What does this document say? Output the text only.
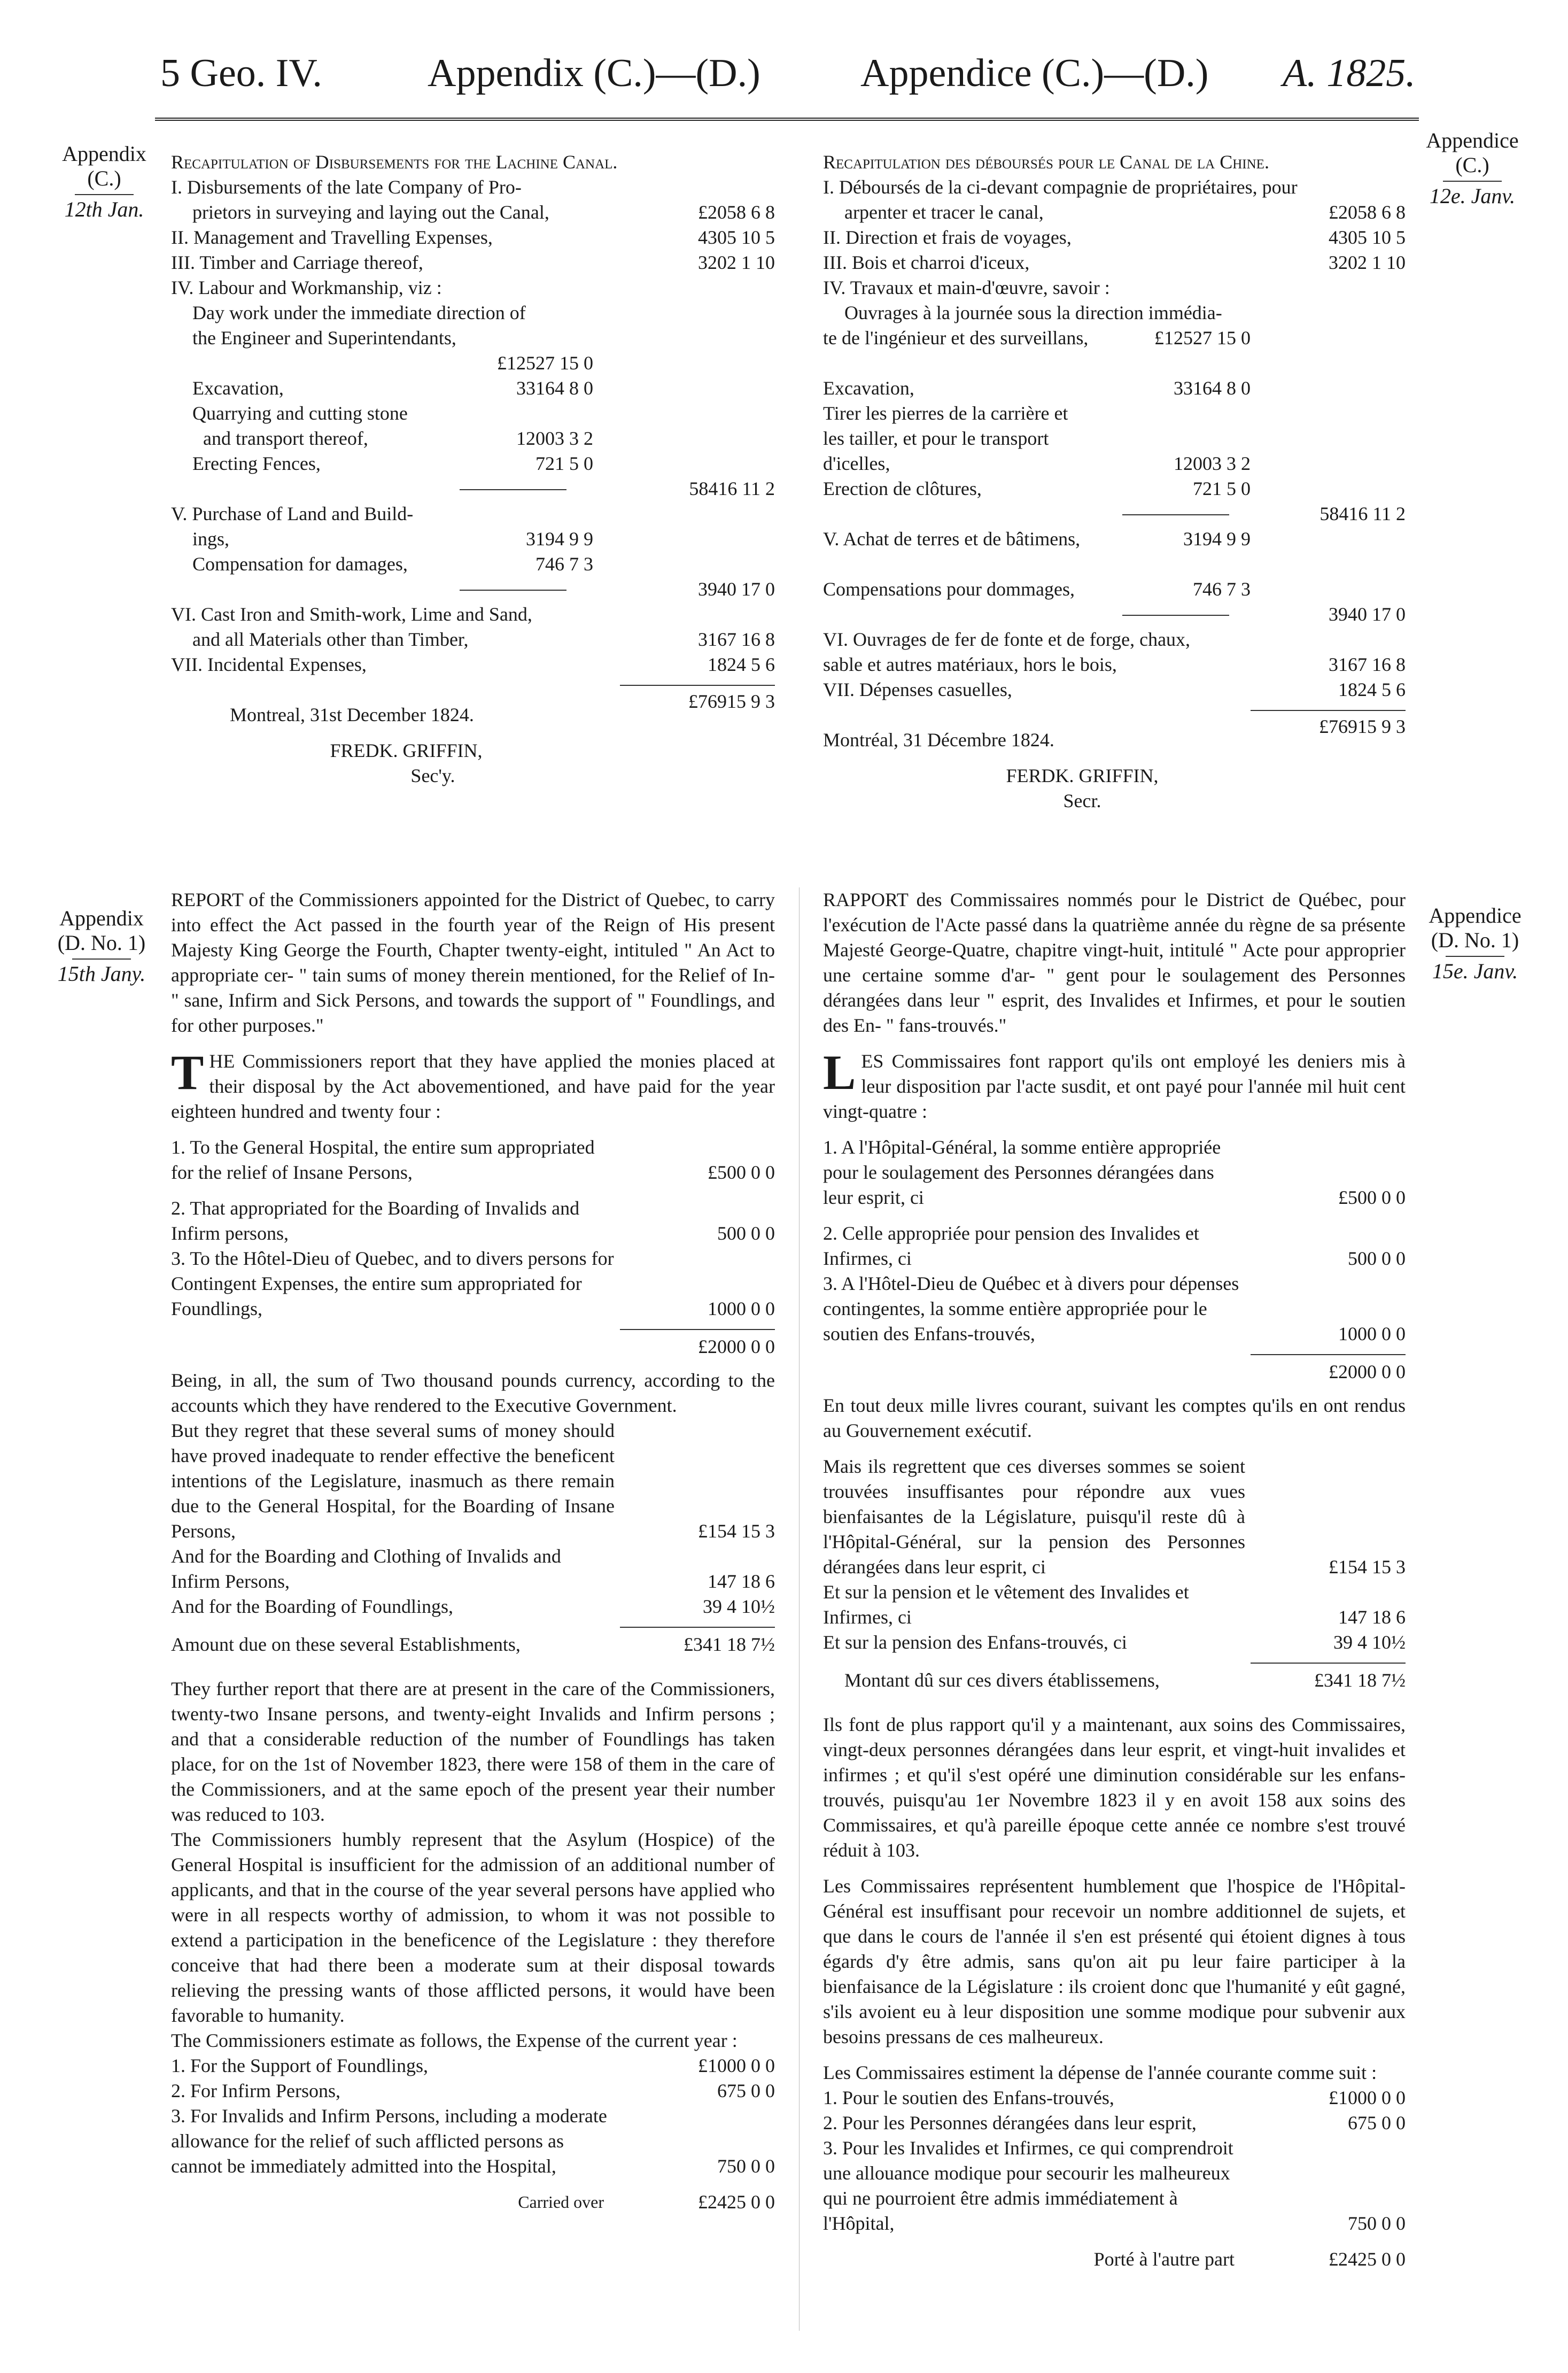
5 Geo. IV.	Appendix (C.)—(D.)	Appendice (C.)—(D.) A. 1825.
Appendix
(C.)
12th Jan.
Appendice
(C.)
12e. Janv.
Appendix
(D. No. 1)
15th Jany.
Appendice
(D. No. 1)
15e. Janv.
Recapitulation of Disbursements for the Lachine Canal.
I. Disbursements of the late Company of Pro-
prietors in surveying and laying out the Canal,	£2058 6 8
II. Management and Travelling Expenses,	4305 10 5
III. Timber and Carriage thereof,	3202 1 10
IV. Labour and Workmanship, viz :
Day work under the immediate direction of
the Engineer and Superintendants,
£12527 15 0
Excavation,	33164 8 0
Quarrying and cutting stone
and transport thereof,	12003 3 2
Erecting Fences,	721 5 0
58416 11 2
V. Purchase of Land and Build-
ings,	3194 9 9
Compensation for damages,	746 7 3
3940 17 0
VI. Cast Iron and Smith-work, Lime and Sand,
and all Materials other than Timber,	3167 16 8
VII. Incidental Expenses,	1824 5 6
£76915 9 3
Montreal, 31st December 1824.
FREDK. GRIFFIN,
Sec'y.
Recapitulation des déboursés pour le Canal de la Chine.
I. Déboursés de la ci-devant compagnie de propriétaires, pour
arpenter et tracer le canal,	£2058 6 8
II. Direction et frais de voyages,	4305 10 5
III. Bois et charroi d'iceux,	3202 1 10
IV. Travaux et main-d'œuvre, savoir :
Ouvrages à la journée sous la direction immédia-
te de l'ingénieur et des surveillans,	£12527 15 0
Excavation,	33164 8 0
Tirer les pierres de la carrière et
les tailler, et pour le transport
d'icelles,	12003 3 2
Erection de clôtures,	721 5 0
58416 11 2
V. Achat de terres et de bâtimens,	3194 9 9
Compensations pour dommages,	746 7 3
3940 17 0
VI. Ouvrages de fer de fonte et de forge, chaux,
sable et autres matériaux, hors le bois,	3167 16 8
VII. Dépenses casuelles,	1824 5 6
£76915 9 3
Montréal, 31 Décembre 1824.
FERDK. GRIFFIN,
Secr.
REPORT of the Commissioners appointed for the District of Quebec, to carry into effect the Act passed in the fourth year of the Reign of His present Majesty King George the Fourth, Chapter twenty-eight, intituled " An Act to appropriate cer- " tain sums of money therein mentioned, for the Relief of In- " sane, Infirm and Sick Persons, and towards the support of " Foundlings, and for other purposes."
THE Commissioners report that they have applied the monies placed at their disposal by the Act abovementioned, and have paid for the year eighteen hundred and twenty four :
1. To the General Hospital, the entire sum appropriated for the relief of Insane Persons,	£500 0 0
2. That appropriated for the Boarding of Invalids and Infirm persons,	500 0 0
3. To the Hôtel-Dieu of Quebec, and to divers persons for Contingent Expenses, the entire sum appropriated for Foundlings,	1000 0 0
£2000 0 0
Being, in all, the sum of Two thousand pounds currency, according to the accounts which they have rendered to the Executive Government.
But they regret that these several sums of money should have proved inadequate to render effective the beneficent intentions of the Legislature, inasmuch as there remain due to the General Hospital, for the Boarding of Insane Persons,	£154 15 3
And for the Boarding and Clothing of Invalids and Infirm Persons,	147 18 6
And for the Boarding of Foundlings,	39 4 10½
Amount due on these several Establishments,	£341 18 7½
They further report that there are at present in the care of the Commissioners, twenty-two Insane persons, and twenty-eight Invalids and Infirm persons ; and that a considerable reduction of the number of Foundlings has taken place, for on the 1st of November 1823, there were 158 of them in the care of the Commissioners, and at the same epoch of the present year their number was reduced to 103.
The Commissioners humbly represent that the Asylum (Hospice) of the General Hospital is insufficient for the admission of an additional number of applicants, and that in the course of the year several persons have applied who were in all respects worthy of admission, to whom it was not possible to extend a participation in the beneficence of the Legislature : they therefore conceive that had there been a moderate sum at their disposal towards relieving the pressing wants of those afflicted persons, it would have been favorable to humanity.
The Commissioners estimate as follows, the Expense of the current year :
1. For the Support of Foundlings,	£1000 0 0
2. For Infirm Persons,	675 0 0
3. For Invalids and Infirm Persons, including a moderate allowance for the relief of such afflicted persons as cannot be immediately admitted into the Hospital,	750 0 0
Carried over	£2425 0 0
RAPPORT des Commissaires nommés pour le District de Québec, pour l'exécution de l'Acte passé dans la quatrième année du règne de sa présente Majesté George-Quatre, chapitre vingt-huit, intitulé " Acte pour approprier une certaine somme d'ar- " gent pour le soulagement des Personnes dérangées dans leur " esprit, des Invalides et Infirmes, et pour le soutien des En- " fans-trouvés."
LES Commissaires font rapport qu'ils ont employé les deniers mis à leur disposition par l'acte susdit, et ont payé pour l'année mil huit cent vingt-quatre :
1. A l'Hôpital-Général, la somme entière appropriée pour le soulagement des Personnes dérangées dans leur esprit, ci	£500 0 0
2. Celle appropriée pour pension des Invalides et Infirmes, ci	500 0 0
3. A l'Hôtel-Dieu de Québec et à divers pour dépenses contingentes, la somme entière appropriée pour le soutien des Enfans-trouvés,	1000 0 0
£2000 0 0
En tout deux mille livres courant, suivant les comptes qu'ils en ont rendus au Gouvernement exécutif.
Mais ils regrettent que ces diverses sommes se soient trouvées insuffisantes pour répondre aux vues bienfaisantes de la Législature, puisqu'il reste dû à l'Hôpital-Général, sur la pension des Personnes dérangées dans leur esprit, ci	£154 15 3
Et sur la pension et le vêtement des Invalides et Infirmes, ci	147 18 6
Et sur la pension des Enfans-trouvés, ci	39 4 10½
Montant dû sur ces divers établissemens,	£341 18 7½
Ils font de plus rapport qu'il y a maintenant, aux soins des Commissaires, vingt-deux personnes dérangées dans leur esprit, et vingt-huit invalides et infirmes ; et qu'il s'est opéré une diminution considérable sur les enfans-trouvés, puisqu'au 1er Novembre 1823 il y en avoit 158 aux soins des Commissaires, et qu'à pareille époque cette année ce nombre s'est trouvé réduit à 103.
Les Commissaires représentent humblement que l'hospice de l'Hôpital-Général est insuffisant pour recevoir un nombre additionnel de sujets, et que dans le cours de l'année il s'en est présenté qui étoient dignes à tous égards d'y être admis, sans qu'on ait pu leur faire participer à la bienfaisance de la Législature : ils croient donc que l'humanité y eût gagné, s'ils avoient eu à leur disposition une somme modique pour subvenir aux besoins pressans de ces malheureux.
Les Commissaires estiment la dépense de l'année courante comme suit :
1. Pour le soutien des Enfans-trouvés,	£1000 0 0
2. Pour les Personnes dérangées dans leur esprit,	675 0 0
3. Pour les Invalides et Infirmes, ce qui comprendroit une allouance modique pour secourir les malheureux qui ne pourroient être admis immédiatement à l'Hôpital,	750 0 0
Porté à l'autre part	£2425 0 0
